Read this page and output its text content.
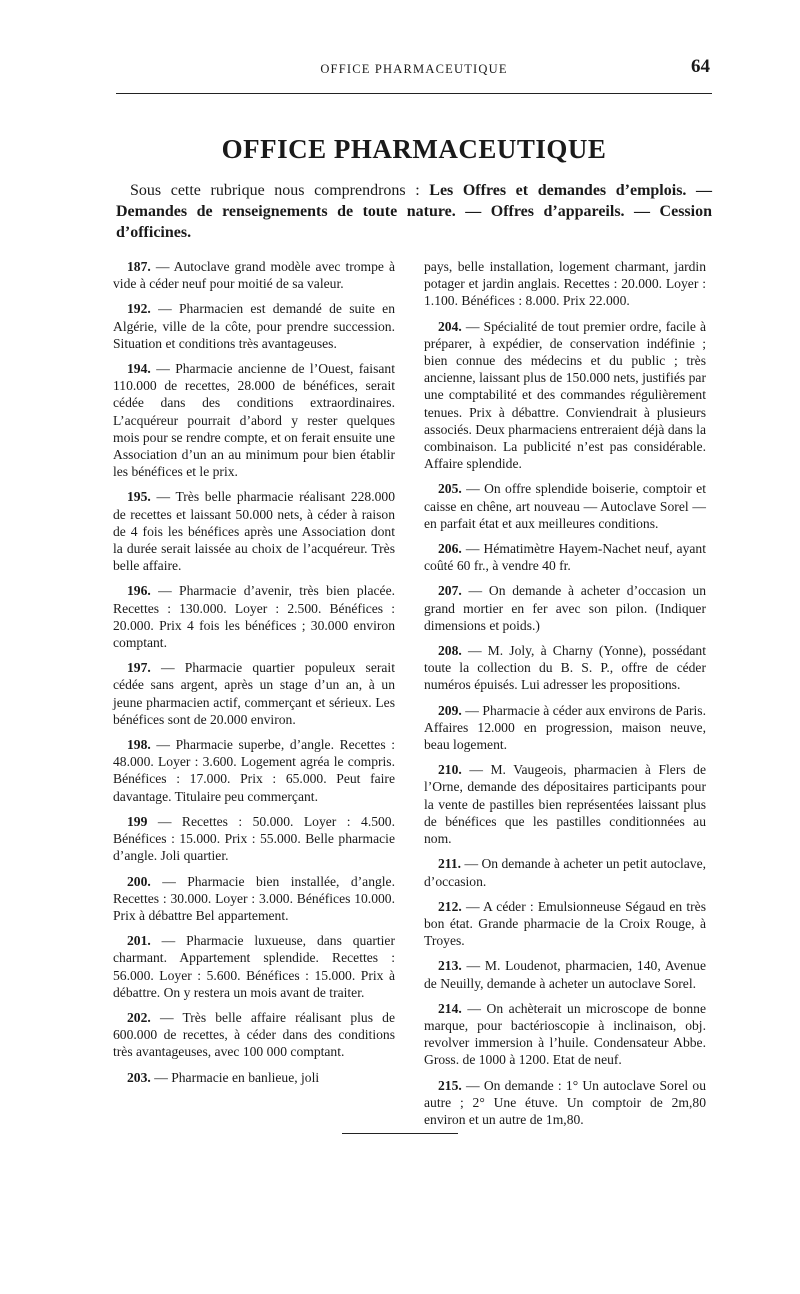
OFFICE PHARMACEUTIQUE	64
OFFICE PHARMACEUTIQUE

Sous cette rubrique nous comprendrons : Les Offres et demandes d’emplois. — Demandes de renseignements de toute nature. — Offres d’appareils. — Cession d’officines.

187. — Autoclave grand modèle avec trompe à vide à céder neuf pour moitié de sa valeur.

192. — Pharmacien est demandé de suite en Algérie, ville de la côte, pour prendre succession. Situation et conditions très avantageuses.

194. — Pharmacie ancienne de l’Ouest, faisant 110.000 de recettes, 28.000 de bénéfices, serait cédée dans des conditions extraordinaires. L’acquéreur pourrait d’abord y rester quelques mois pour se rendre compte, et on ferait ensuite une Association d’un an au minimum pour bien établir les bénéfices et le prix.

195. — Très belle pharmacie réalisant 228.000 de recettes et laissant 50.000 nets, à céder à raison de 4 fois les bénéfices après une Association dont la durée serait laissée au choix de l’acquéreur. Très belle affaire.

196. — Pharmacie d’avenir, très bien placée. Recettes : 130.000. Loyer : 2.500. Bénéfices : 20.000. Prix 4 fois les bénéfices ; 30.000 environ comptant.

197. — Pharmacie quartier populeux serait cédée sans argent, après un stage d’un an, à un jeune pharmacien actif, commerçant et sérieux. Les bénéfices sont de 20.000 environ.

198. — Pharmacie superbe, d’angle. Recettes : 48.000. Loyer : 3.600. Logement agréa le compris. Bénéfices : 17.000. Prix : 65.000. Peut faire davantage. Titulaire peu commerçant.

199 — Recettes : 50.000. Loyer : 4.500. Bénéfices : 15.000. Prix : 55.000. Belle pharmacie d’angle. Joli quartier.

200. — Pharmacie bien installée, d’angle. Recettes : 30.000. Loyer : 3.000. Bénéfices 10.000. Prix à débattre Bel appartement.

201. — Pharmacie luxueuse, dans quartier charmant. Appartement splendide. Recettes : 56.000. Loyer : 5.600. Bénéfices : 15.000. Prix à débattre. On y restera un mois avant de traiter.

202. — Très belle affaire réalisant plus de 600.000 de recettes, à céder dans des conditions très avantageuses, avec 100 000 comptant.

203. — Pharmacie en banlieue, joli

pays, belle installation, logement charmant, jardin potager et jardin anglais. Recettes : 20.000. Loyer : 1.100. Bénéfices : 8.000. Prix 22.000.

204. — Spécialité de tout premier ordre, facile à préparer, à expédier, de conservation indéfinie ; bien connue des médecins et du public ; très ancienne, laissant plus de 150.000 nets, justifiés par une comptabilité et des commandes régulièrement tenues. Prix à débattre. Conviendrait à plusieurs associés. Deux pharmaciens entreraient déjà dans la combinaison. La publicité n’est pas considérable. Affaire splendide.

205. — On offre splendide boiserie, comptoir et caisse en chêne, art nouveau — Autoclave Sorel — en parfait état et aux meilleures conditions.

206. — Hématimètre Hayem-Nachet neuf, ayant coûté 60 fr., à vendre 40 fr.

207. — On demande à acheter d’occasion un grand mortier en fer avec son pilon. (Indiquer dimensions et poids.)

208. — M. Joly, à Charny (Yonne), possédant toute la collection du B. S. P., offre de céder numéros épuisés. Lui adresser les propositions.

209. — Pharmacie à céder aux environs de Paris. Affaires 12.000 en progression, maison neuve, beau logement.

210. — M. Vaugeois, pharmacien à Flers de l’Orne, demande des dépositaires participants pour la vente de pastilles bien représentées laissant plus de bénéfices que les pastilles conditionnées au nom.

211. — On demande à acheter un petit autoclave, d’occasion.

212. — A céder : Emulsionneuse Ségaud en très bon état. Grande pharmacie de la Croix Rouge, à Troyes.

213. — M. Loudenot, pharmacien, 140, Avenue de Neuilly, demande à acheter un autoclave Sorel.

214. — On achèterait un microscope de bonne marque, pour bactérioscopie à inclinaison, obj. revolver immersion à l’huile. Condensateur Abbe. Gross. de 1000 à 1200. Etat de neuf.

215. — On demande : 1° Un autoclave Sorel ou autre ; 2° Une étuve. Un comptoir de 2m,80 environ et un autre de 1m,80.
